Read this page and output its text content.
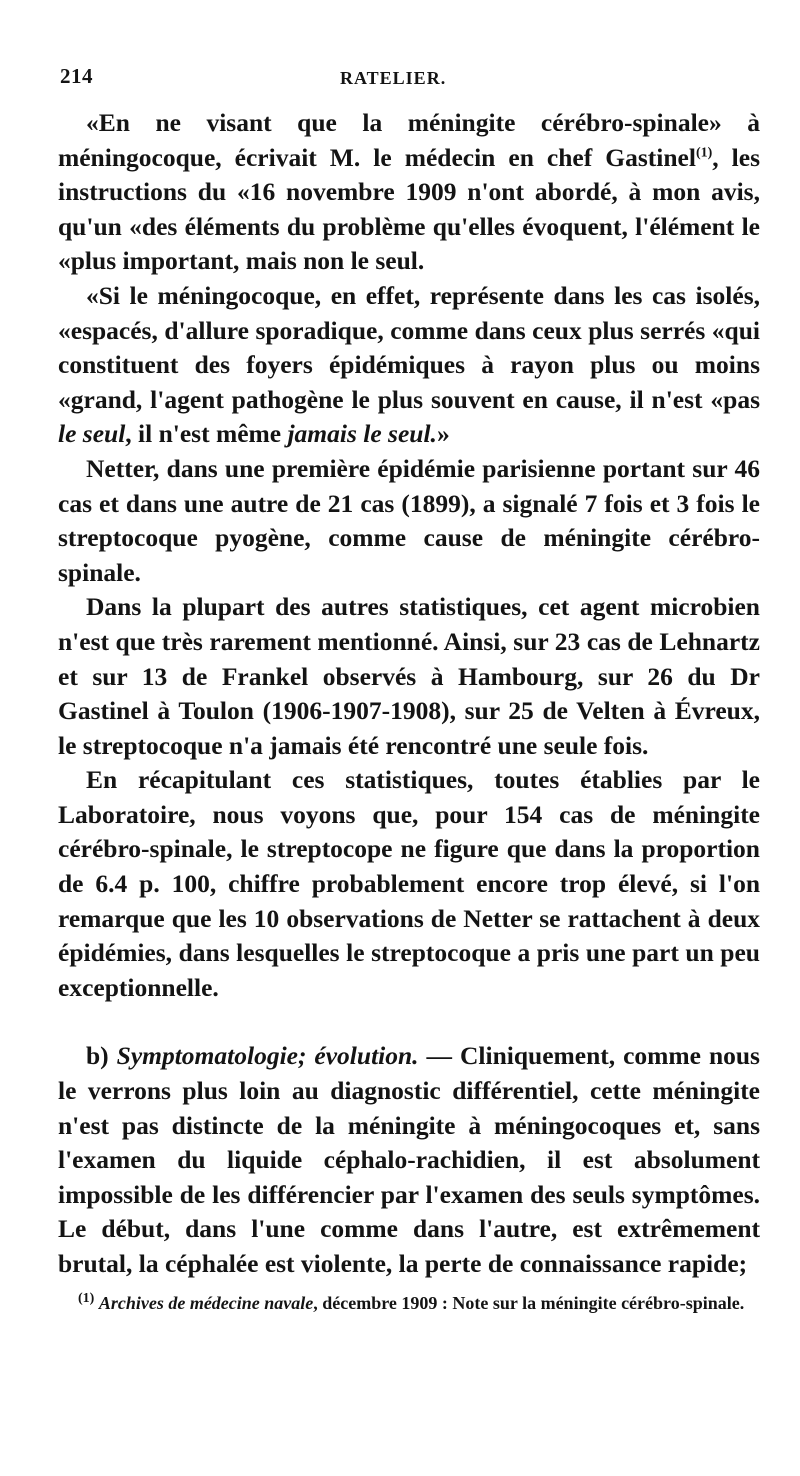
214	RATELIER.

«En ne visant que la méningite cérébro-spinale» à méningocoque, écrivait M. le médecin en chef Gastinel$^{(1)}$, les instructions du «16 novembre 1909 n'ont abordé, à mon avis, qu'un «des éléments du problème qu'elles évoquent, l'élément le «plus important, mais non le seul.

«Si le méningocoque, en effet, représente dans les cas isolés, «espacés, d'allure sporadique, comme dans ceux plus serrés «qui constituent des foyers épidémiques à rayon plus ou moins «grand, l'agent pathogène le plus souvent en cause, il n'est «pas le seul, il n'est même jamais le seul.»

Netter, dans une première épidémie parisienne portant sur 46 cas et dans une autre de 21 cas (1899), a signalé 7 fois et 3 fois le streptocoque pyogène, comme cause de méningite cérébro-spinale.

Dans la plupart des autres statistiques, cet agent microbien n'est que très rarement mentionné. Ainsi, sur 23 cas de Lehnartz et sur 13 de Frankel observés à Hambourg, sur 26 du Dr Gastinel à Toulon (1906-1907-1908), sur 25 de Velten à Évreux, le streptocoque n'a jamais été rencontré une seule fois.

En récapitulant ces statistiques, toutes établies par le Laboratoire, nous voyons que, pour 154 cas de méningite cérébro-spinale, le streptocope ne figure que dans la proportion de 6.4 p. 100, chiffre probablement encore trop élevé, si l'on remarque que les 10 observations de Netter se rattachent à deux épidémies, dans lesquelles le streptocoque a pris une part un peu exceptionnelle.

b) Symptomatologie; évolution. — Cliniquement, comme nous le verrons plus loin au diagnostic différentiel, cette méningite n'est pas distincte de la méningite à méningocoques et, sans l'examen du liquide céphalo-rachidien, il est absolument impossible de les différencier par l'examen des seuls symptômes. Le début, dans l'une comme dans l'autre, est extrêmement brutal, la céphalée est violente, la perte de connaissance rapide;

$^{(1)}$ Archives de médecine navale, décembre 1909 : Note sur la méningite cérébro-spinale.
